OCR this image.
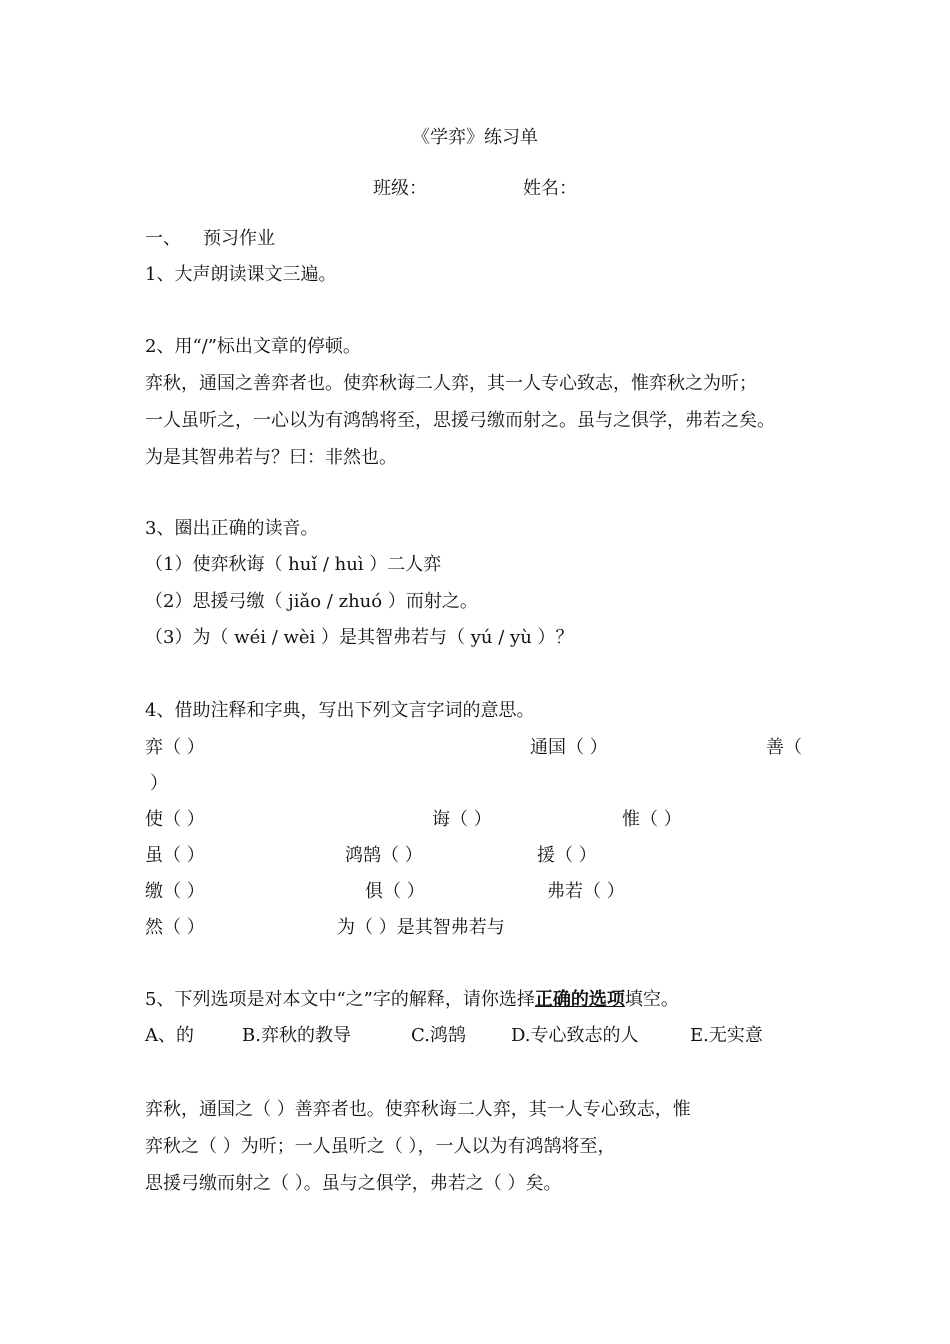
《学弈》练习单
班级：	姓名：
一、 预习作业
1、大声朗读课文三遍。
2、用“/”标出文章的停顿。
弈秋，通国之善弈者也。使弈秋诲二人弈，其一人专心致志，惟弈秋之为听；
一人虽听之，一心以为有鸿鹄将至，思援弓缴而射之。虽与之俱学，弗若之矣。
为是其智弗若与？曰：非然也。
3、圈出正确的读音。
（1）使弈秋诲（ huǐ / huì ）二人弈
（2）思援弓缴（ jiǎo / zhuó ）而射之。
（3）为（ wéi / wèi ）是其智弗若与（ yú / yù ）？
4、借助注释和字典，写出下列文言字词的意思。
弈（ ）	通国（ ）	善（
）
使（ ）	诲（ ）	惟（ ）
虽（ ）	鸿鹄（ ）	援（ ）
缴（ ）	俱（ ）	弗若（ ）
然（ ）	为（ ）是其智弗若与
5、下列选项是对本文中“之”字的解释，请你选择正确的选项填空。
A、的	B.弈秋的教导	C.鸿鹄	D.专心致志的人	E.无实意
弈秋，通国之（ ）善弈者也。使弈秋诲二人弈，其一人专心致志，惟
弈秋之（ ）为听；一人虽听之（ ），一人以为有鸿鹄将至，
思援弓缴而射之（ ）。虽与之俱学，弗若之（ ）矣。
